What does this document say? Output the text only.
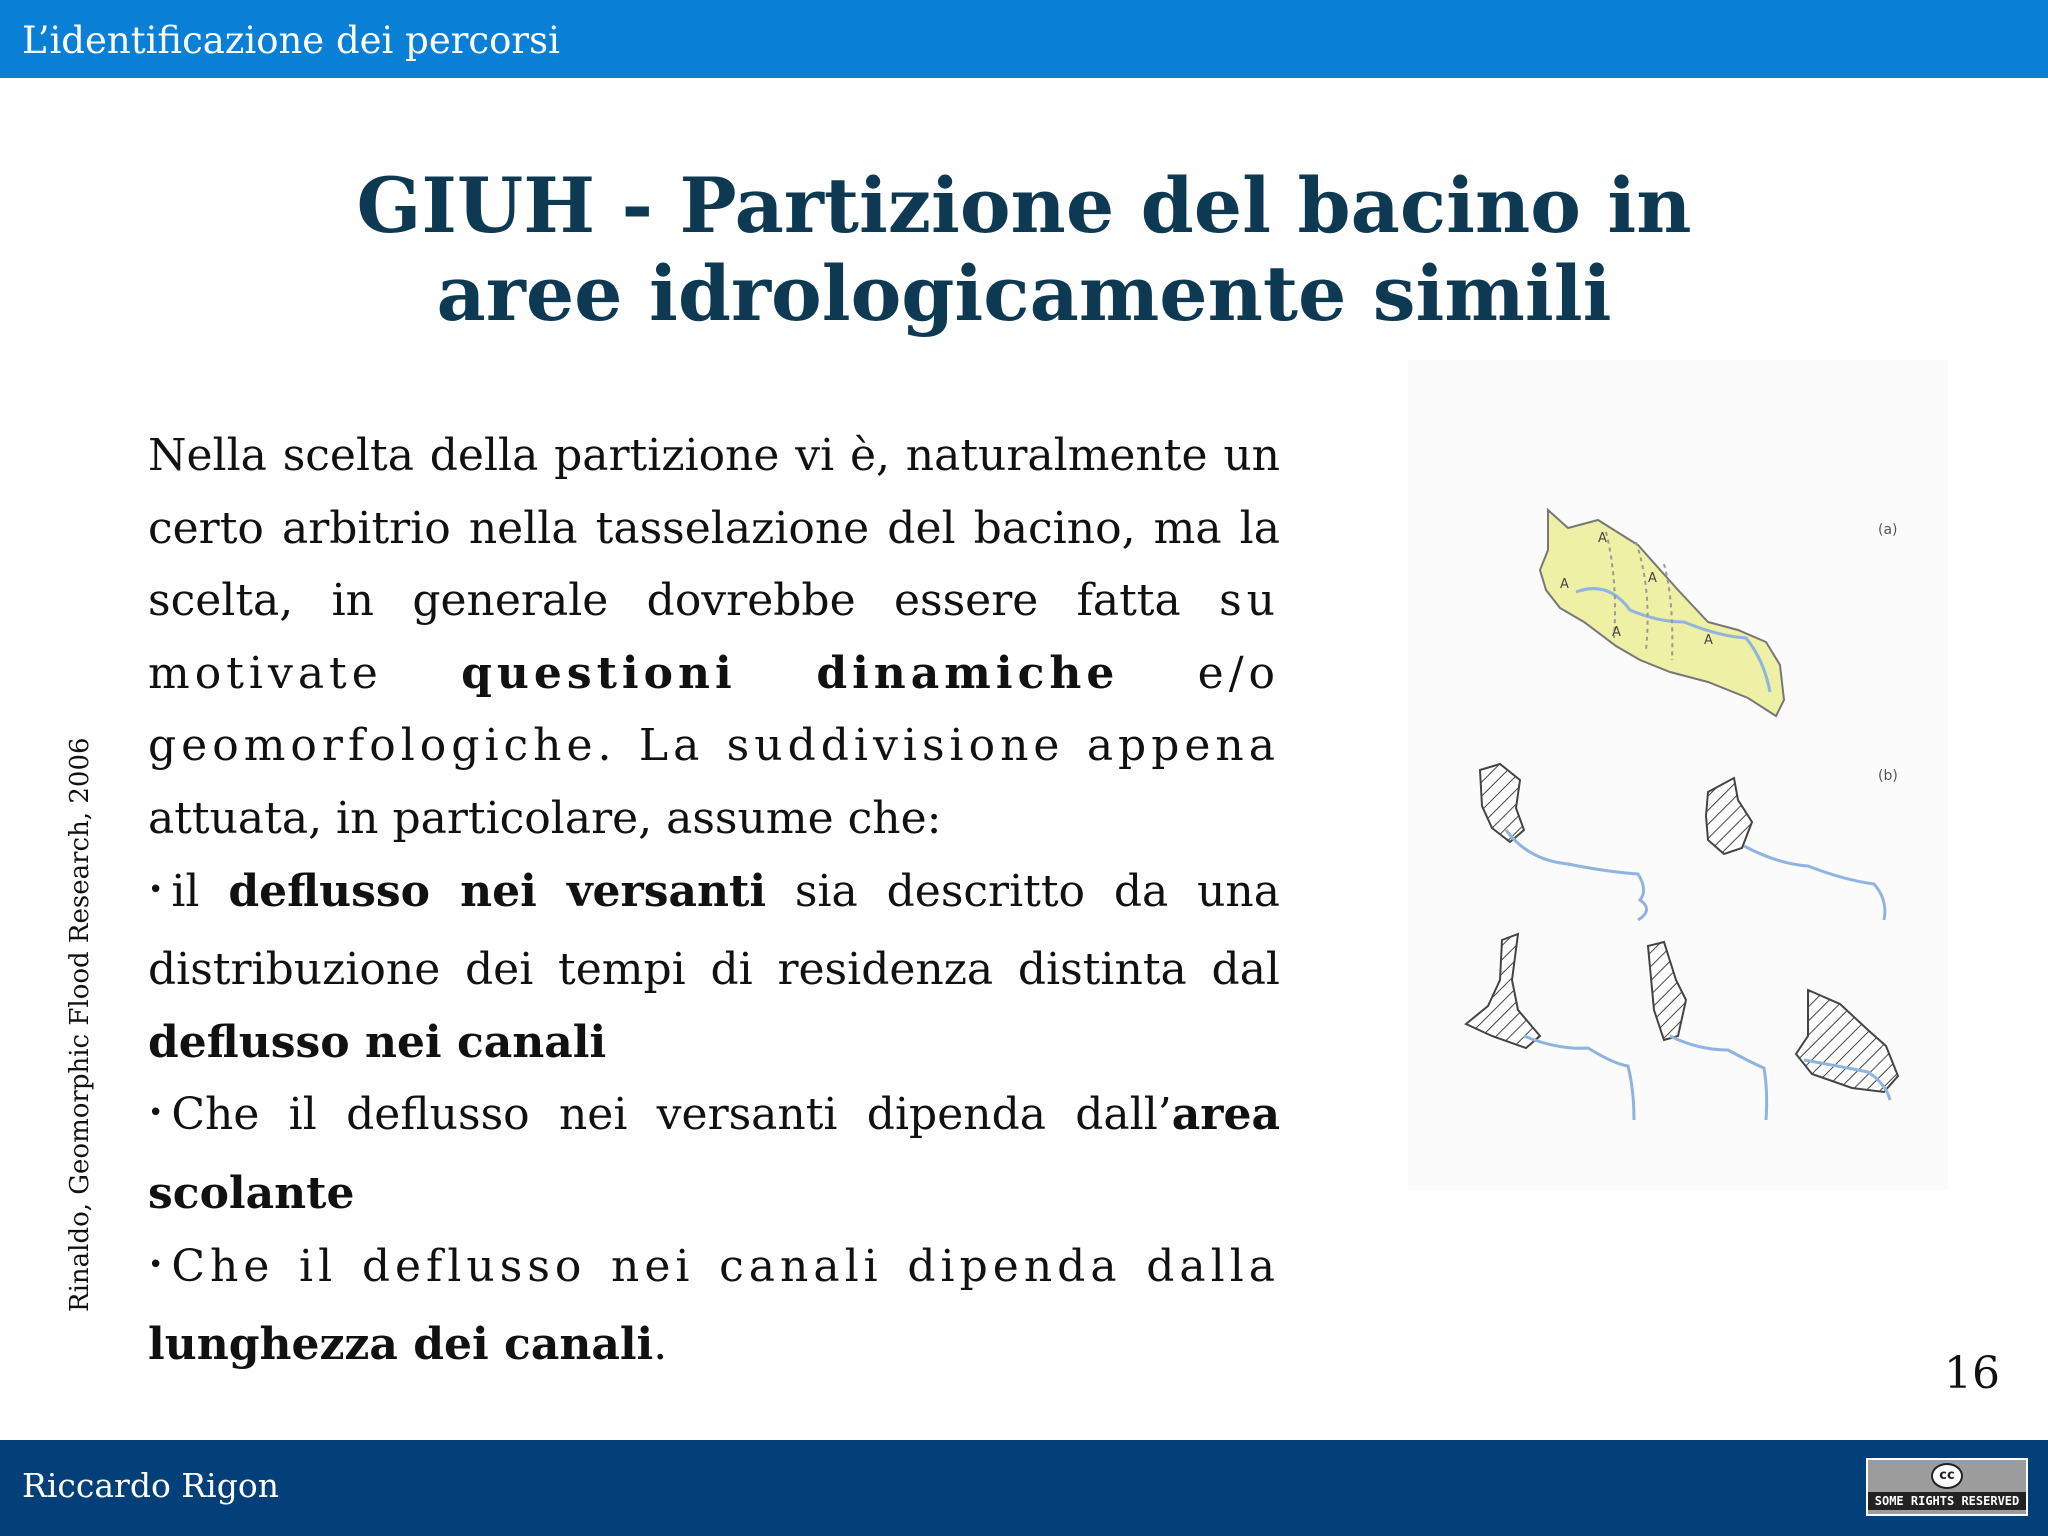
L’identificazione dei percorsi
GIUH - Partizione del bacino in aree idrologicamente simili
Rinaldo, Geomorphic Flood Research, 2006

Nella scelta della partizione vi è, naturalmente un certo arbitrio nella tasselazione del bacino, ma la scelta, in generale dovrebbe essere fatta su motivate questioni dinamiche e/o geomorfologiche. La suddivisione appena attuata, in particolare, assume che:

• il deflusso nei versanti sia descritto da una distribuzione dei tempi di residenza distinta dal deflusso nei canali

• Che il deflusso nei versanti dipenda dall’area scolante

• Che il deflusso nei canali dipenda dalla lunghezza dei canali.

A
A	A
A
A
(a)
(b)
16
Riccardo Rigon	cc
SOME RIGHTS RESERVED
